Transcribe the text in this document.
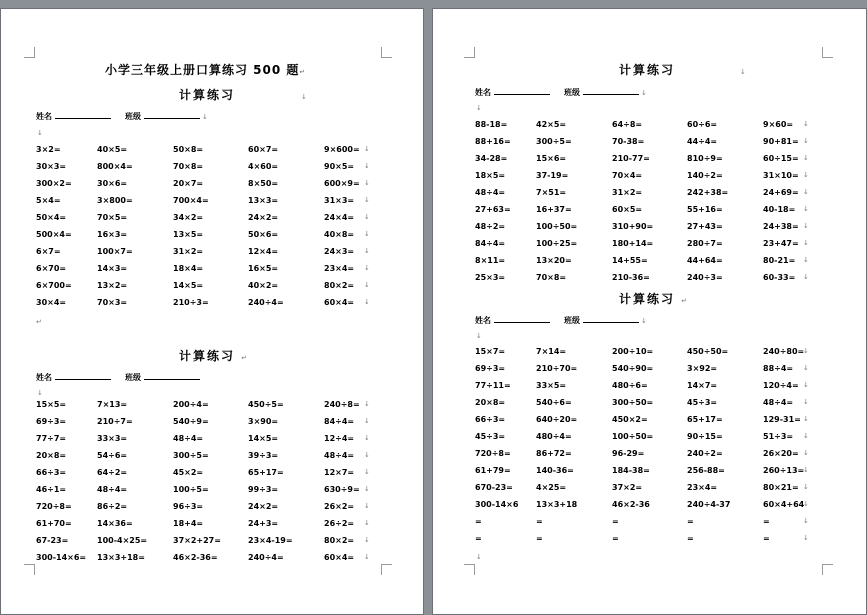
小学三年级上册口算练习 500 题↵
计算练习	↓
姓名	班级	↓
↓
3×2=	40×5=	50×8=	60×7=	9×600= ↓
30×3=	800×4=	70×8=	4×60=	90×5= ↓
300×2=	30×6=	20×7=	8×50=	600×9= ↓
5×4=	3×800=	700×4=	13×3=	31×3= ↓
50×4=	70×5=	34×2=	24×2=	24×4= ↓
500×4=	16×3=	13×5=	50×6=	40×8= ↓
6×7=	100×7=	31×2=	12×4=	24×3= ↓
6×70=	14×3=	18×4=	16×5=	23×4= ↓
6×700=	13×2=	14×5=	40×2=	80×2= ↓
30×4=	70×3=	210÷3=	240÷4=	60×4= ↓
↵
计算练习 ↵
姓名	班级
↓
15×5=	7×13=	200÷4=	450÷5=	240÷8= ↓
69÷3=	210÷7=	540÷9=	3×90=	84÷4= ↓
77÷7=	33×3=	48÷4=	14×5=	12÷4= ↓
20×8=	54÷6=	300÷5=	39÷3=	48÷4= ↓
66÷3=	64÷2=	45×2=	65+17=	12×7= ↓
46÷1=	48÷4=	100÷5=	99÷3=	630÷9= ↓
720÷8=	86÷2=	96÷3=	24×2=	26×2= ↓
61+70=	14×36=	18+4=	24+3=	26÷2= ↓
67-23=	100-4×25=	37×2+27=	23×4-19=	80×2= ↓
300-14×6= 13×3+18=	46×2-36=	240÷4=	60×4= ↓
计算练习	↓
姓名	班级	↓
↓
88-18=	42×5=	64÷8=	60÷6=	9×60= ↓
88+16=	300÷5=	70-38=	44÷4=	90+81= ↓
34-28=	15×6=	210-77=	810÷9=	60÷15= ↓
18×5=	37-19=	70×4=	140÷2=	31×10= ↓
48÷4=	7×51=	31×2=	242+38=	24+69= ↓
27+63=	16+37=	60×5=	55+16=	40-18= ↓
48÷2=	100÷50=	310+90=	27+43=	24+38= ↓
84÷4=	100÷25=	180+14=	280÷7=	23+47= ↓
8×11=	13×20=	14+55=	44+64=	80-21= ↓
25×3=	70×8=	210-36=	240÷3=	60-33= ↓
计算练习 ↵
姓名	班级	↓
↓
15×7=	7×14=	200÷10=	450÷50=	240÷80=
↓
69÷3=	210÷70=	540÷90=	3×92=	88÷4= ↓
77÷11=	33×5=	480÷6=	14×7=	120÷4= ↓
20×8=	540÷6=	300÷50=	45÷3=	48÷4= ↓
66÷3=	640÷20=	450×2=	65+17=	129-31= ↓
45÷3=	480÷4=	100÷50=	90÷15=	51÷3= ↓
720÷8=	86+72=	96-29=	240÷2=	26×20= ↓
61+79=	140-36=	184-38=	256-88=	260÷13=
↓
670-23=	4×25=	37×2=	23×4=	80×21= ↓
300-14×6 13×3+18	46×2-36	240÷4-37	60×4+64
↓
=	=	=	=	=	↓
=	=	=	=	=	↓
↓
